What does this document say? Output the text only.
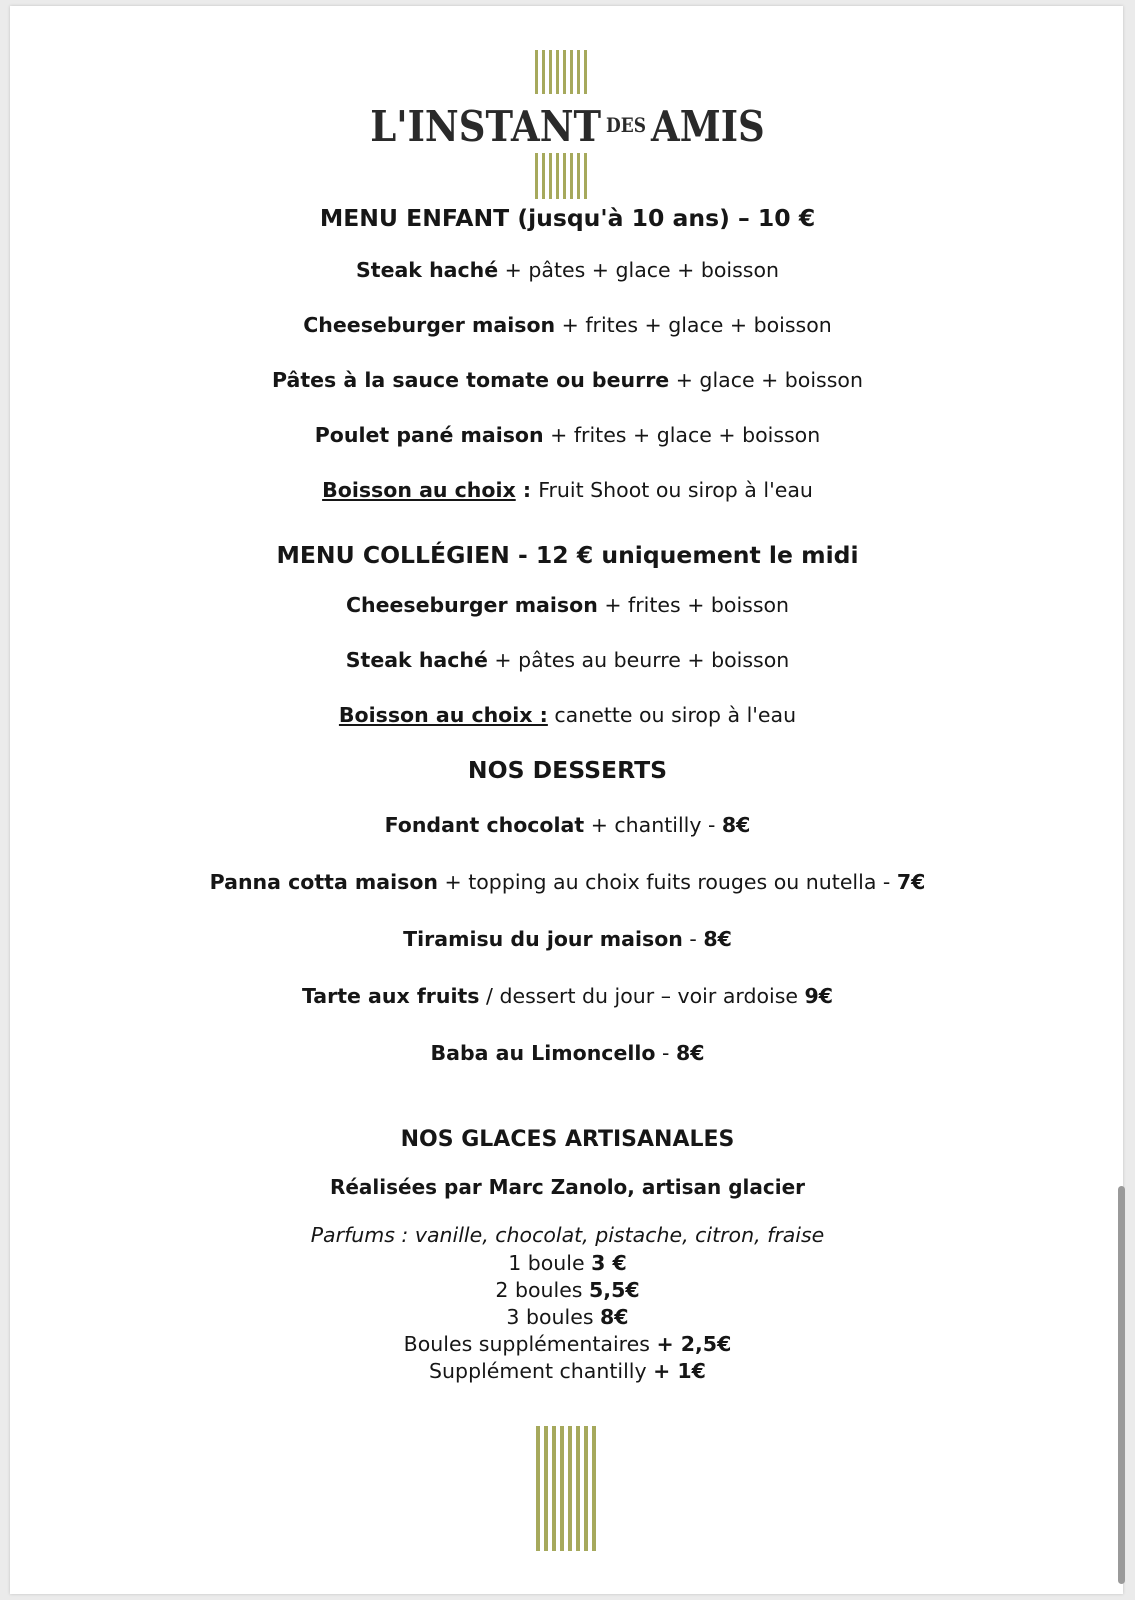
L'INSTANT DES AMIS
MENU ENFANT (jusqu'à 10 ans) – 10 €
Steak haché + pâtes + glace + boisson
Cheeseburger maison + frites + glace + boisson
Pâtes à la sauce tomate ou beurre + glace + boisson
Poulet pané maison + frites + glace + boisson
Boisson au choix : Fruit Shoot ou sirop à l'eau
MENU COLLÉGIEN - 12 € uniquement le midi
Cheeseburger maison + frites + boisson
Steak haché + pâtes au beurre + boisson
Boisson au choix : canette ou sirop à l'eau
NOS DESSERTS
Fondant chocolat + chantilly - 8€
Panna cotta maison + topping au choix fuits rouges ou nutella - 7€
Tiramisu du jour maison - 8€
Tarte aux fruits / dessert du jour – voir ardoise 9€
Baba au Limoncello - 8€
NOS GLACES ARTISANALES
Réalisées par Marc Zanolo, artisan glacier
Parfums : vanille, chocolat, pistache, citron, fraise
1 boule 3 €
2 boules 5,5€
3 boules 8€
Boules supplémentaires + 2,5€
Supplément chantilly + 1€
